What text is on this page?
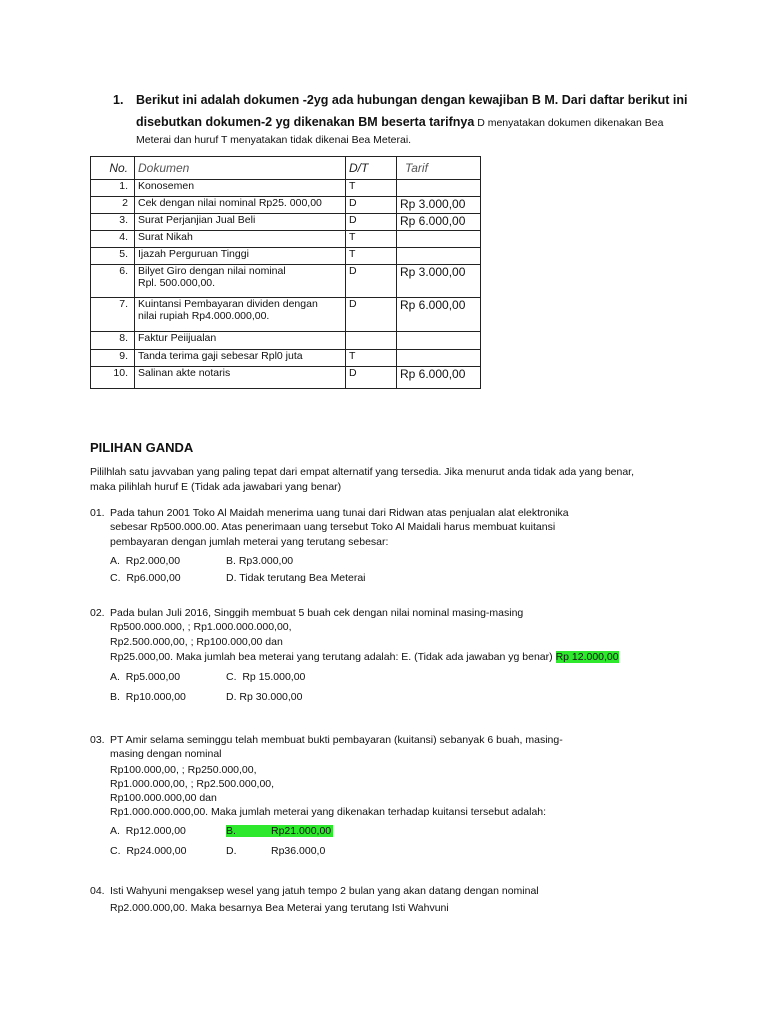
1. Berikut ini adalah dokumen -2yg ada hubungan dengan kewajiban B M. Dari daftar berikut ini
disebutkan dokumen-2 yg dikenakan BM beserta tarifnya D menyatakan dokumen dikenakan Bea
Meterai dan huruf T menyatakan tidak dikenai Bea Meterai.
No.	Dokumen	D/T	Tarif
1.	Konosemen	T	
2	Cek dengan nilai nominal Rp25. 000,00	D	Rp 3.000,00
3.	Surat Perjanjian Jual Beli	D	Rp 6.000,00
4.	Surat Nikah	T	
5.	Ijazah Perguruan Tinggi	T	
6.	Bilyet Giro dengan nilai nominal
Rpl. 500.000,00.	D	Rp 3.000,00
7.	Kuintansi Pembayaran dividen dengan
nilai rupiah Rp4.000.000,00.	D	Rp 6.000,00
8.	Faktur Peiijualan		
9.	Tanda terima gaji sebesar Rpl0 juta	T	
10.	Salinan akte notaris	D	Rp 6.000,00
PILIHAN GANDA
Pililhlah satu javvaban yang paling tepat dari empat alternatif yang tersedia. Jika menurut anda tidak ada yang benar,
maka pilihlah huruf E (Tidak ada jawabari yang benar)
01. Pada tahun 2001 Toko Al Maidah menerima uang tunai dari Ridwan atas penjualan alat elektronika
sebesar Rp500.000.00. Atas penerimaan uang tersebut Toko Al Maidali harus membuat kuitansi
pembayaran dengan jumlah meterai yang terutang sebesar:
A. Rp2.000,00	B. Rp3.000,00
C. Rp6.000,00	D. Tidak terutang Bea Meterai
02. Pada bulan Juli 2016, Singgih membuat 5 buah cek dengan nilai nominal masing-masing
Rp500.000.000, ; Rp1.000.000.000,00,
Rp2.500.000,00, ; Rp100.000,00 dan
Rp25.000,00. Maka jumlah bea meterai yang terutang adalah: E. (Tidak ada jawaban yg benar) Rp 12.000,00
A. Rp5.000,00	C. Rp 15.000,00
B. Rp10.000,00	D. Rp 30.000,00
03. PT Amir selama seminggu telah membuat bukti pembayaran (kuitansi) sebanyak 6 buah, masing-
masing dengan nominal
Rp100.000,00, ; Rp250.000,00,
Rp1.000.000,00, ; Rp2.500.000,00,
Rp100.000.000,00 dan
Rp1.000.000.000,00. Maka jumlah meterai yang dikenakan terhadap kuitansi tersebut adalah:
A. Rp12.000,00	B.	Rp21.000,00
C. Rp24.000,00	D.	Rp36.000,0
04. Isti Wahyuni mengaksep wesel yang jatuh tempo 2 bulan yang akan datang dengan nominal
Rp2.000.000,00. Maka besarnya Bea Meterai yang terutang Isti Wahvuni
